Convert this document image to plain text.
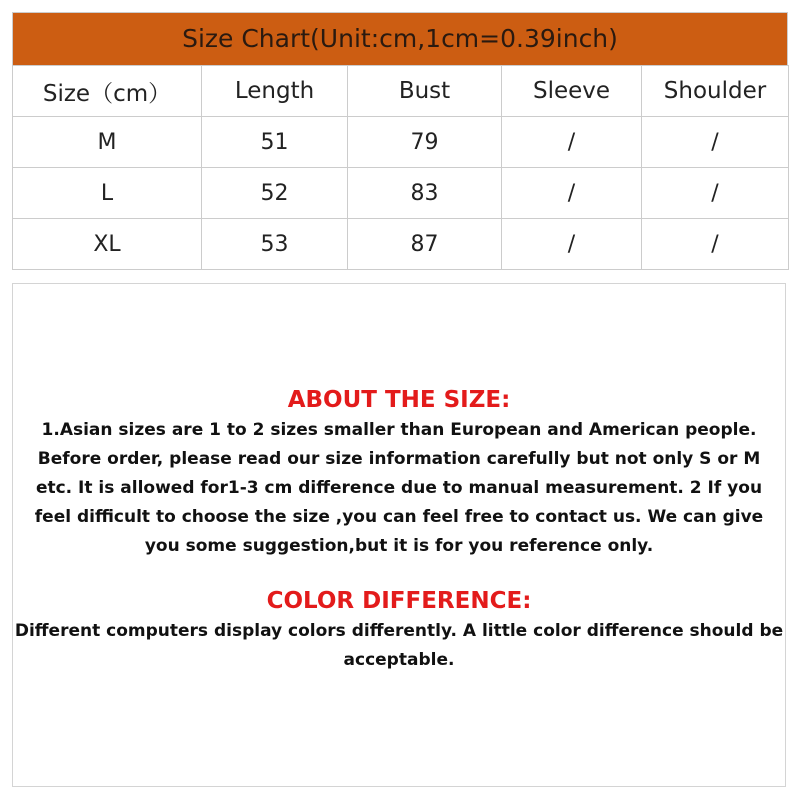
Size Chart(Unit:cm,1cm=0.39inch)
Size（cm）	Length	Bust	Sleeve	Shoulder
M	51	79	/	/
L	52	83	/	/
XL	53	87	/	/
ABOUT THE SIZE:
1.Asian sizes are 1 to 2 sizes smaller than European and American people. Before order, please read our size information carefully but not only S or M etc. It is allowed for1-3 cm difference due to manual measurement. 2 If you feel difficult to choose the size ,you can feel free to contact us. We can give you some suggestion,but it is for you reference only.
COLOR DIFFERENCE:
Different computers display colors differently. A little color difference should be acceptable.
